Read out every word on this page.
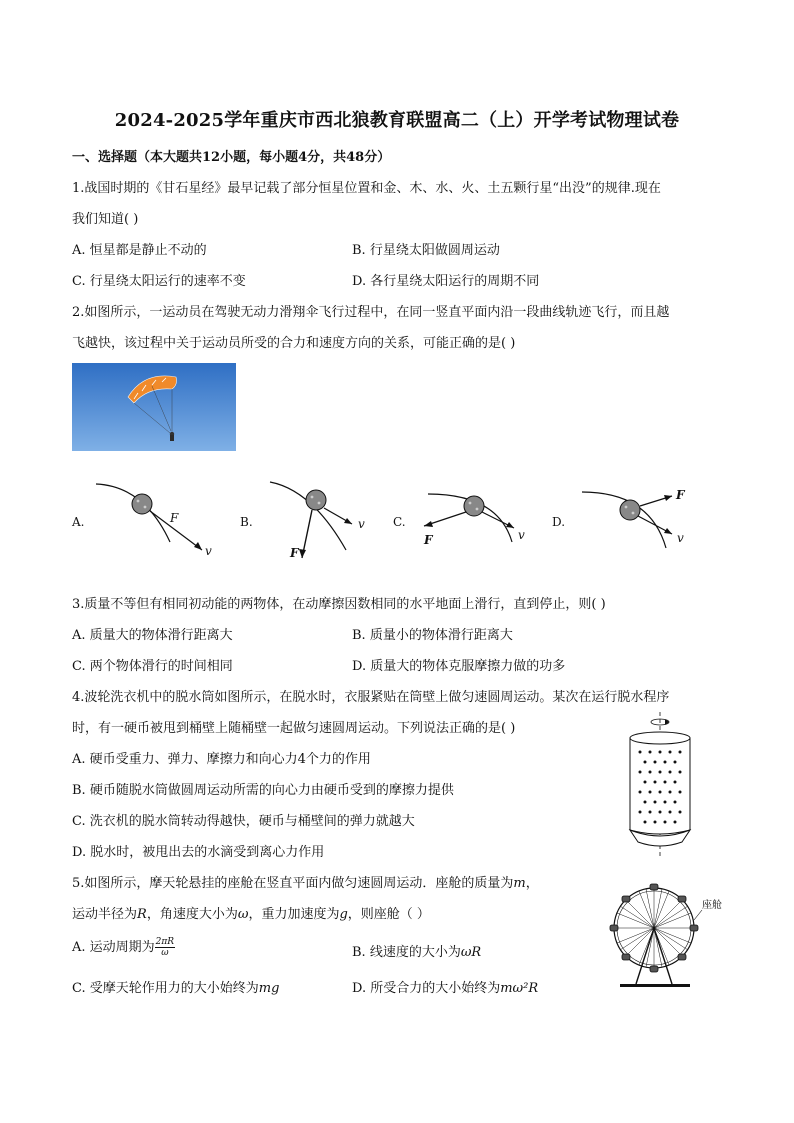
2024-2025学年重庆市西北狼教育联盟高二（上）开学考试物理试卷
一、选择题（本大题共12小题，每小题4分，共48分）
1.战国时期的《甘石星经》最早记载了部分恒星位置和金、木、水、火、土五颗行星“出没”的规律.现在
我们知道( )
A. 恒星都是静止不动的	B. 行星绕太阳做圆周运动
C. 行星绕太阳运行的速率不变	D. 各行星绕太阳运行的周期不同
2.如图所示，一运动员在驾驶无动力滑翔伞飞行过程中，在同一竖直平面内沿一段曲线轨迹飞行，而且越
飞越快，该过程中关于运动员所受的合力和速度方向的关系，可能正确的是( )
A.	F
v
B.	v
F
C.
F	v
D.
F
v
3.质量不等但有相同初动能的两物体，在动摩擦因数相同的水平地面上滑行，直到停止，则( )
A. 质量大的物体滑行距离大	B. 质量小的物体滑行距离大
C. 两个物体滑行的时间相同	D. 质量大的物体克服摩擦力做的功多
4.波轮洗衣机中的脱水筒如图所示，在脱水时，衣服紧贴在筒壁上做匀速圆周运动。某次在运行脱水程序
时，有一硬币被甩到桶壁上随桶壁一起做匀速圆周运动。下列说法正确的是( )
A. 硬币受重力、弹力、摩擦力和向心力4个力的作用
B. 硬币随脱水筒做圆周运动所需的向心力由硬币受到的摩擦力提供
C. 洗衣机的脱水筒转动得越快，硬币与桶壁间的弹力就越大
D. 脱水时，被甩出去的水滴受到离心力作用
5.如图所示，摩天轮悬挂的座舱在竖直平面内做匀速圆周运动．座舱的质量为m，
运动半径为R，角速度大小为ω，重力加速度为g，则座舱（ ）
A. 运动周期为 $\frac{2\pi R}{\omega}$	B. 线速度的大小为ωR
C. 受摩天轮作用力的大小始终为mg	D. 所受合力的大小始终为mω²R
座舱
